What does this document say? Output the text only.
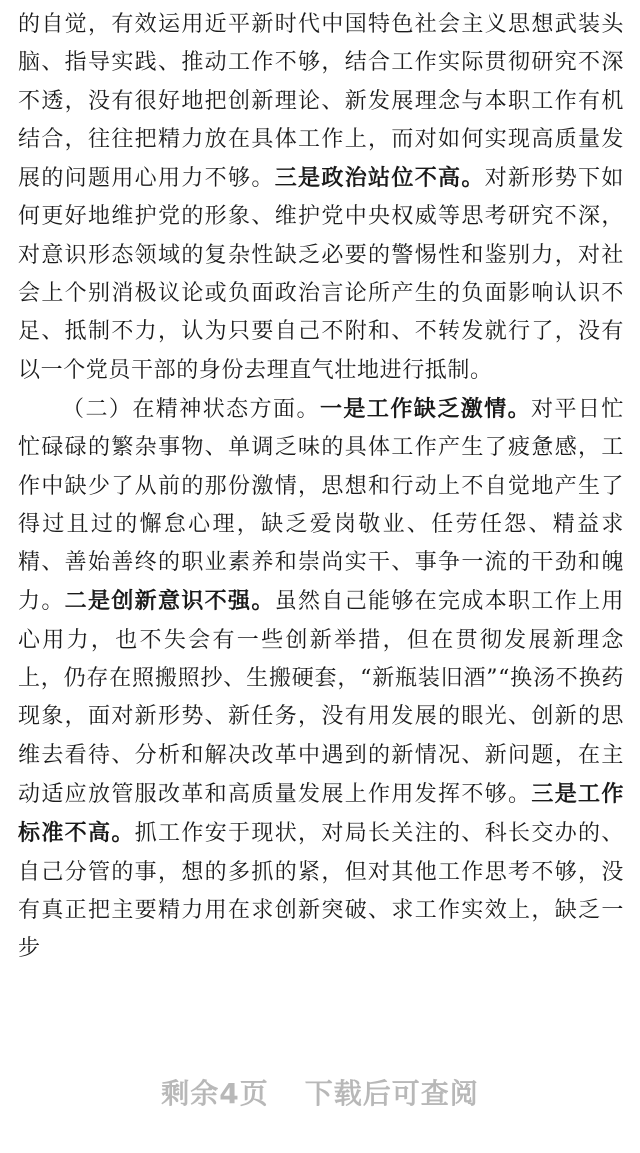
的自觉，有效运用近平新时代中国特色社会主义思想武装头脑、指导实践、推动工作不够，结合工作实际贯彻研究不深不透，没有很好地把创新理论、新发展理念与本职工作有机结合，往往把精力放在具体工作上，而对如何实现高质量发展的问题用心用力不够。三是政治站位不高。对新形势下如何更好地维护党的形象、维护党中央权威等思考研究不深，对意识形态领域的复杂性缺乏必要的警惕性和鉴别力，对社会上个别消极议论或负面政治言论所产生的负面影响认识不足、抵制不力，认为只要自己不附和、不转发就行了，没有以一个党员干部的身份去理直气壮地进行抵制。

（二）在精神状态方面。一是工作缺乏激情。对平日忙忙碌碌的繁杂事物、单调乏味的具体工作产生了疲惫感，工作中缺少了从前的那份激情，思想和行动上不自觉地产生了得过且过的懈怠心理，缺乏爱岗敬业、任劳任怨、精益求精、善始善终的职业素养和崇尚实干、事争一流的干劲和魄力。二是创新意识不强。虽然自己能够在完成本职工作上用心用力，也不失会有一些创新举措，但在贯彻发展新理念上，仍存在照搬照抄、生搬硬套，“新瓶装旧酒”“换汤不换药现象，面对新形势、新任务，没有用发展的眼光、创新的思维去看待、分析和解决改革中遇到的新情况、新问题，在主动适应放管服改革和高质量发展上作用发挥不够。三是工作标准不高。抓工作安于现状，对局长关注的、科长交办的、自己分管的事，想的多抓的紧，但对其他工作思考不够，没有真正把主要精力用在求创新突破、求工作实效上，缺乏一步

剩余4页 下载后可查阅
